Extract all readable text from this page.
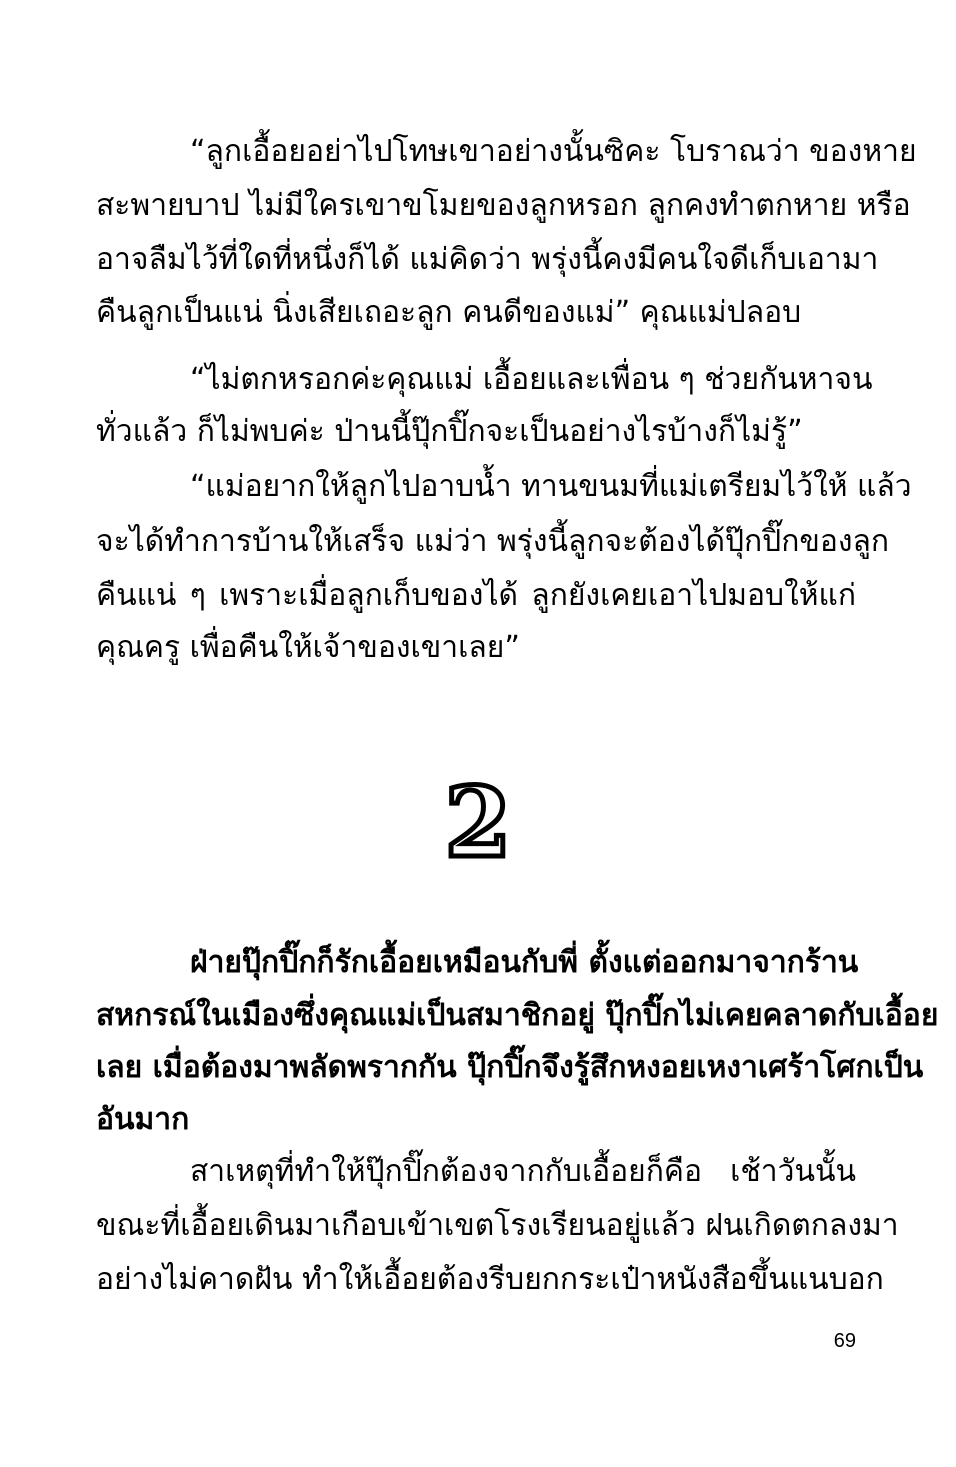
“ลูกเอื้อยอย่าไปโทษเขาอย่างนั้นซิคะ โบราณว่า ของหาย

สะพายบาป ไม่มีใครเขาขโมยของลูกหรอก ลูกคงทำตกหาย หรือ

อาจลืมไว้ที่ใดที่หนึ่งก็ได้ แม่คิดว่า พรุ่งนี้คงมีคนใจดีเก็บเอามา

คืนลูกเป็นแน่ นิ่งเสียเถอะลูก คนดีของแม่” คุณแม่ปลอบ

“ไม่ตกหรอกค่ะคุณแม่ เอื้อยและเพื่อน ๆ ช่วยกันหาจน

ทั่วแล้ว ก็ไม่พบค่ะ ป่านนี้ปุ๊กปิ๊กจะเป็นอย่างไรบ้างก็ไม่รู้”

“แม่อยากให้ลูกไปอาบน้ำ ทานขนมที่แม่เตรียมไว้ให้ แล้ว

จะได้ทำการบ้านให้เสร็จ แม่ว่า พรุ่งนี้ลูกจะต้องได้ปุ๊กปิ๊กของลูก

คืนแน่ ๆ เพราะเมื่อลูกเก็บของได้ ลูกยังเคยเอาไปมอบให้แก่

คุณครู เพื่อคืนให้เจ้าของเขาเลย”

2

ฝ่ายปุ๊กปิ๊กก็รักเอื้อยเหมือนกับพี่ ตั้งแต่ออกมาจากร้าน

สหกรณ์ในเมืองซึ่งคุณแม่เป็นสมาชิกอยู่ ปุ๊กปิ๊กไม่เคยคลาดกับเอื้อย

เลย เมื่อต้องมาพลัดพรากกัน ปุ๊กปิ๊กจึงรู้สึกหงอยเหงาเศร้าโศกเป็น

อันมาก

สาเหตุที่ทำให้ปุ๊กปิ๊กต้องจากกับเอื้อยก็คือ เช้าวันนั้น

ขณะที่เอื้อยเดินมาเกือบเข้าเขตโรงเรียนอยู่แล้ว ฝนเกิดตกลงมา

อย่างไม่คาดฝัน ทำให้เอื้อยต้องรีบยกกระเป๋าหนังสือขึ้นแนบอก

69
